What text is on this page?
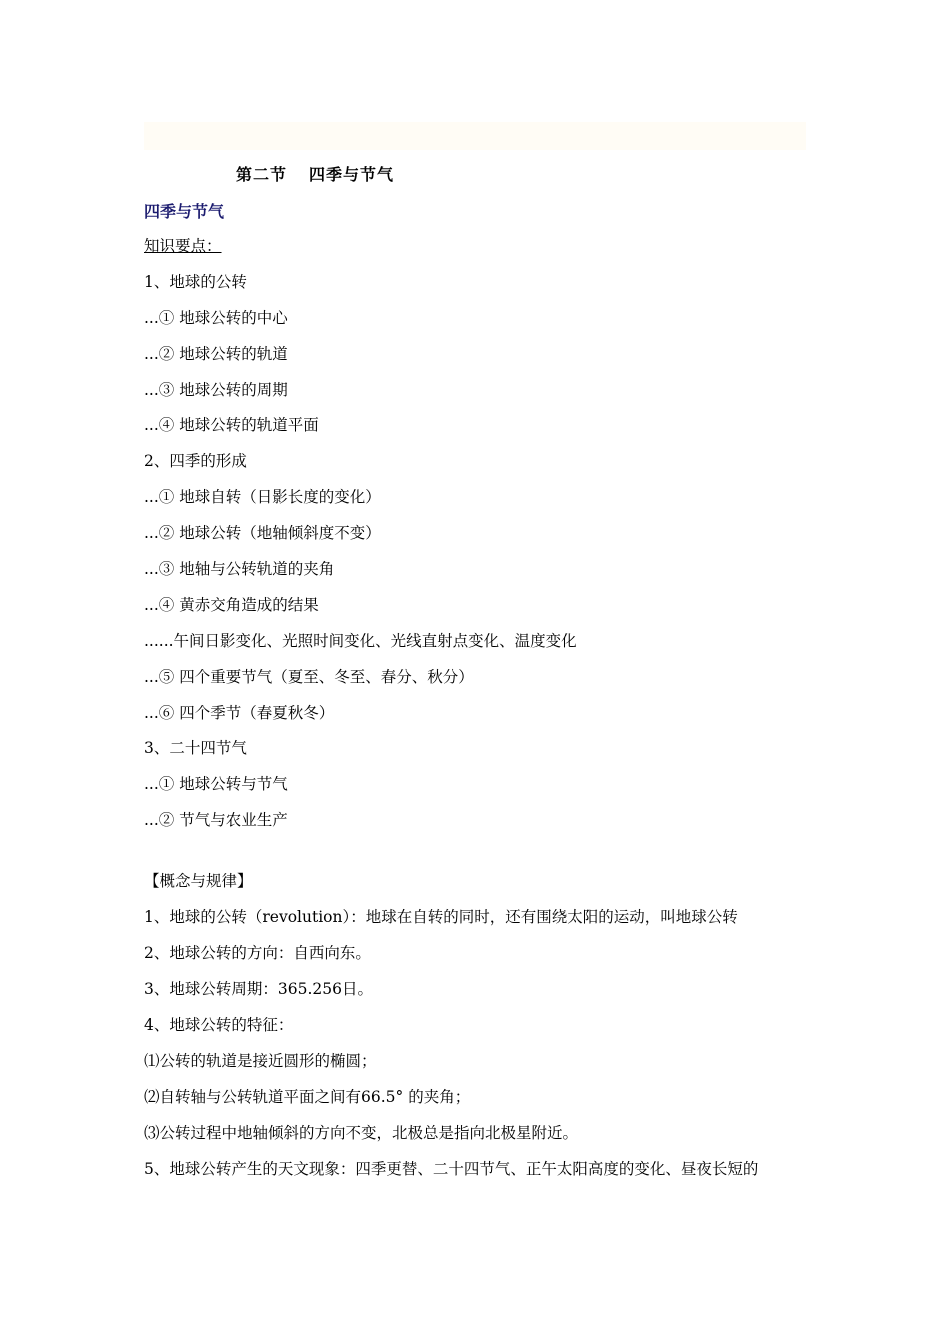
第二节 四季与节气
四季与节气
知识要点：
1、地球的公转
...① 地球公转的中心
...② 地球公转的轨道
...③ 地球公转的周期
...④ 地球公转的轨道平面
2、四季的形成
...① 地球自转（日影长度的变化）
...② 地球公转（地轴倾斜度不变）
...③ 地轴与公转轨道的夹角
...④ 黄赤交角造成的结果
......午间日影变化、光照时间变化、光线直射点变化、温度变化
...⑤ 四个重要节气（夏至、冬至、春分、秋分）
...⑥ 四个季节（春夏秋冬）
3、二十四节气
...① 地球公转与节气
...② 节气与农业生产
【概念与规律】
1、地球的公转（revolution）：地球在自转的同时，还有围绕太阳的运动，叫地球公转
2、地球公转的方向：自西向东。
3、地球公转周期：365.256日。
4、地球公转的特征：
⑴公转的轨道是接近圆形的椭圆；
⑵自转轴与公转轨道平面之间有66.5° 的夹角；
⑶公转过程中地轴倾斜的方向不变，北极总是指向北极星附近。
5、地球公转产生的天文现象：四季更替、二十四节气、正午太阳高度的变化、昼夜长短的
